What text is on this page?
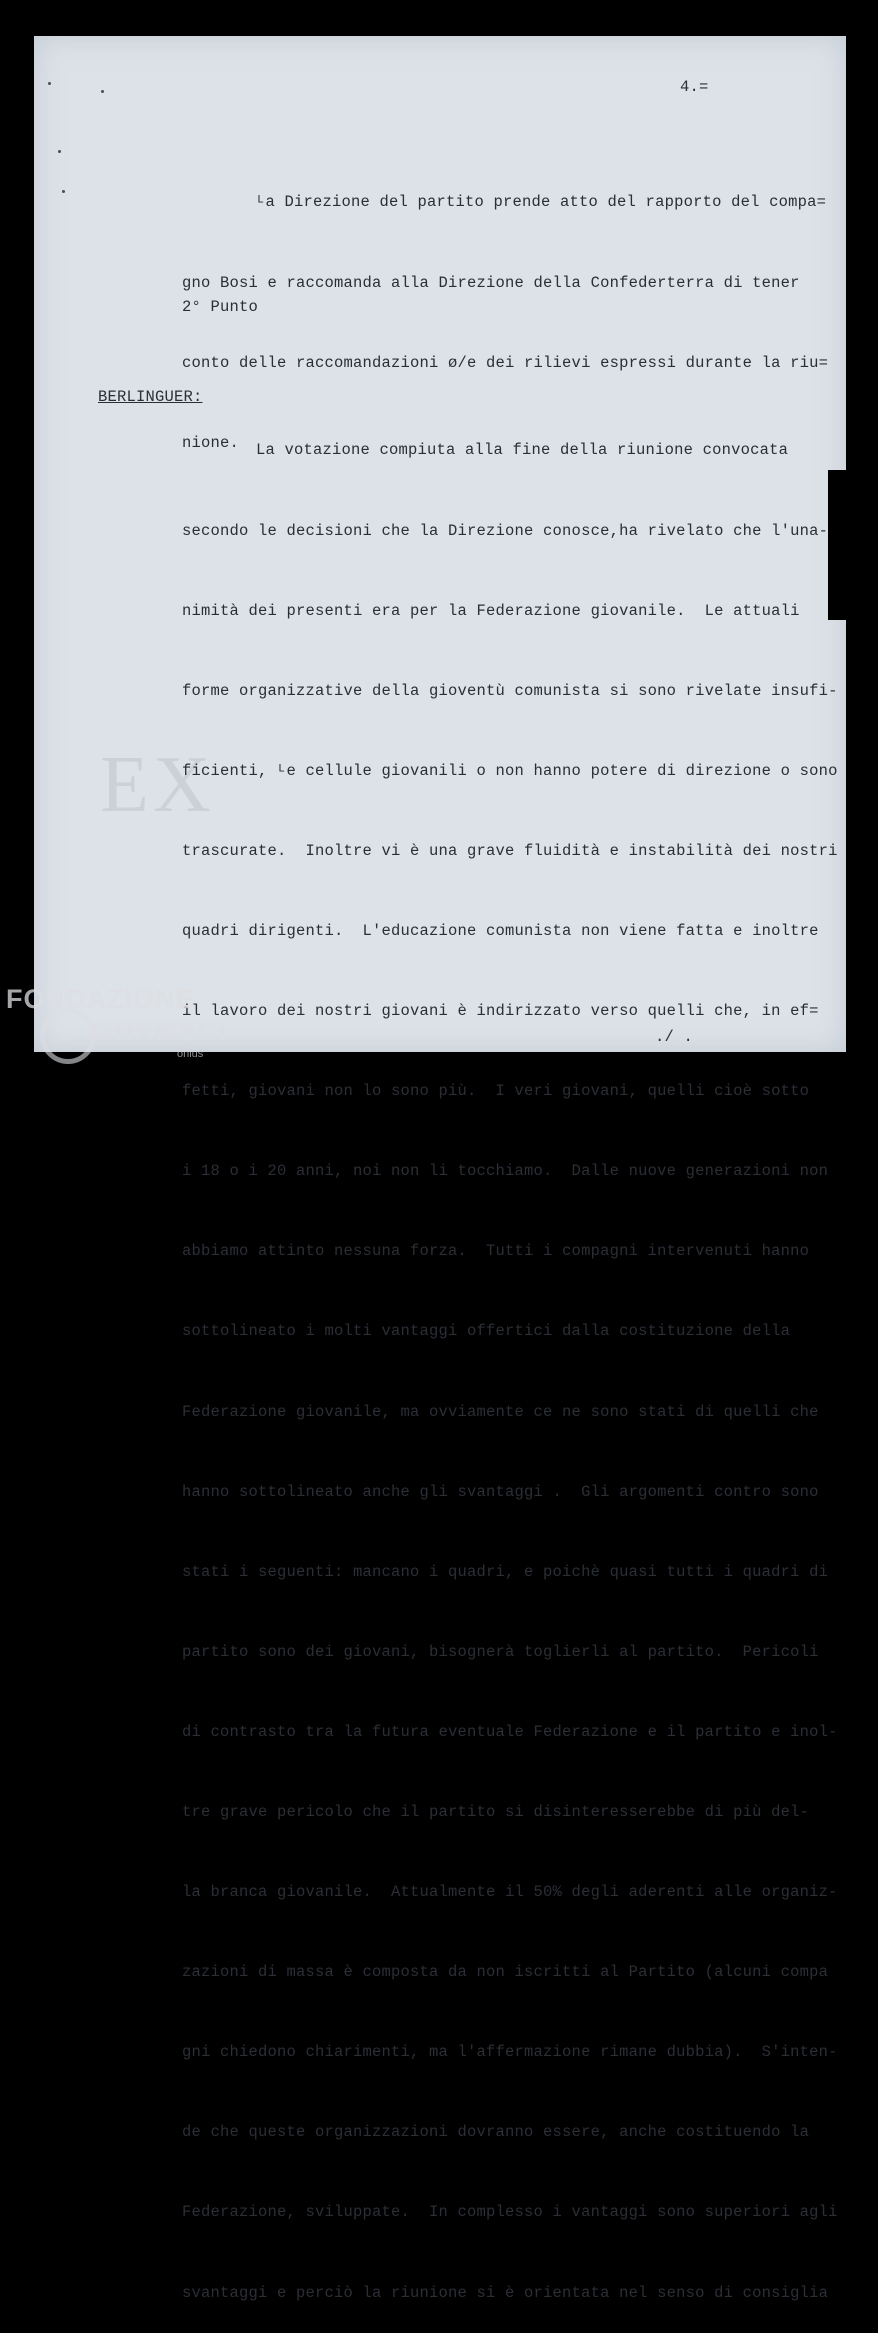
EX
4.=

ᴸa Direzione del partito prende atto del rapporto del compa=

gno Bosi e raccomanda alla Direzione della Confederterra di tener

conto delle raccomandazioni ø/e dei rilievi espressi durante la riu=

nione.

2° Punto
BERLINGUER:

La votazione compiuta alla fine della riunione convocata

secondo le decisioni che la Direzione conosce,ha rivelato che l'una-

nimità dei presenti era per la Federazione giovanile.  Le attuali

forme organizzative della gioventù comunista si sono rivelate insufi-

ficienti, ᴸe cellule giovanili o non hanno potere di direzione o sono

trascurate.  Inoltre vi è una grave fluidità e instabilità dei nostri

quadri dirigenti.  L'educazione comunista non viene fatta e inoltre

il lavoro dei nostri giovani è indirizzato verso quelli che, in ef=

fetti, giovani non lo sono più.  I veri giovani, quelli cioè sotto

i 18 o i 20 anni, noi non li tocchiamo.  Dalle nuove generazioni non

abbiamo attinto nessuna forza.  Tutti i compagni intervenuti hanno

sottolineato i molti vantaggi offertici dalla costituzione della

Federazione giovanile, ma ovviamente ce ne sono stati di quelli che

hanno sottolineato anche gli svantaggi .  Gli argomenti contro sono

stati i seguenti: mancano i quadri, e poichè quasi tutti i quadri di

partito sono dei giovani, bisognerà toglierli al partito.  Pericoli

di contrasto tra la futura eventuale Federazione e il partito e inol-

tre grave pericolo che il partito si disinteresserebbe di più del-

la branca giovanile.  Attualmente il 50% degli aderenti alle organiz-

zazioni di massa è composta da non iscritti al Partito (alcuni compa

gni chiedono chiarimenti, ma l'affermazione rimane dubbia).  S'inten-

de che queste organizzazioni dovranno essere, anche costituendo la

Federazione, sviluppate.  In complesso i vantaggi sono superiori agli

svantaggi e perciò la riunione si è orientata nel senso di consiglia

./ .
FONDAZIONE
GRAMSCI
onlus
